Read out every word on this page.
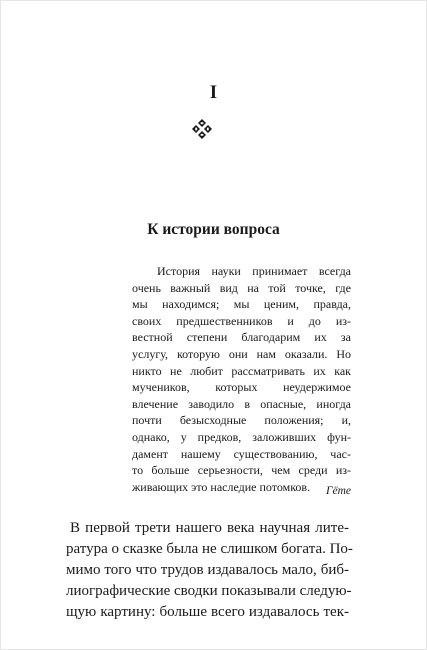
I
К истории вопроса
История науки принимает всегда
очень важный вид на той точке, где
мы находимся; мы ценим, правда,
своих предшественников и до из-
вестной степени благодарим их за
услугу, которую они нам оказали. Но
никто не любит рассматривать их как
мучеников, которых неудержимое
влечение заводило в опасные, иногда
почти безысходные положения; и,
однако, у предков, заложивших фун-
дамент нашему существованию, час-
то больше серьезности, чем среди из-
живающих это наследие потомков.	Гёте
В первой трети нашего века научная лите-
ратура о сказке была не слишком богата. По-
мимо того что трудов издавалось мало, биб-
лиографические сводки показывали следую-
щую картину: больше всего издавалось тек-
